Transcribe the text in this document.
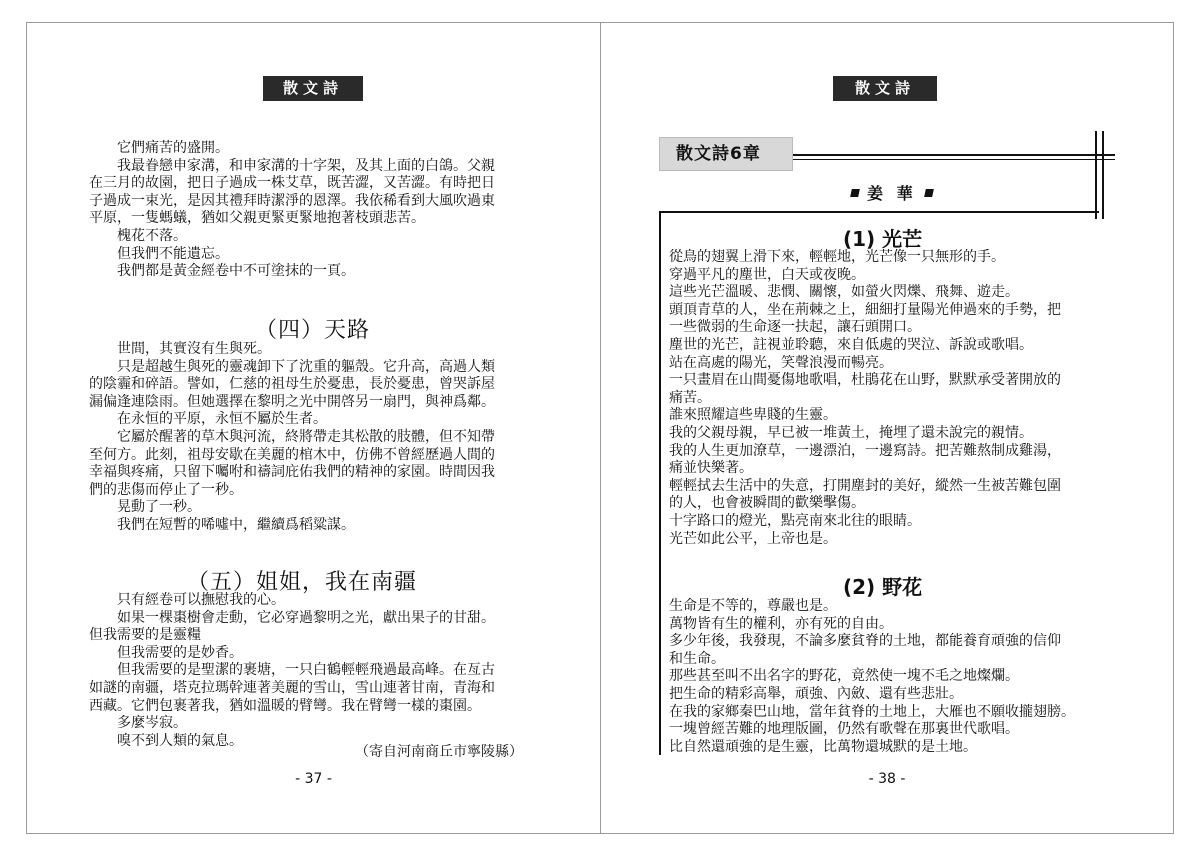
散文詩

它們痛苦的盛開。

我最眷戀申家溝，和申家溝的十字架，及其上面的白鴿。父親

在三月的故園，把日子過成一株艾草，既苦澀，又苦澀。有時把日

子過成一束光，是因其禮拜時潔淨的恩澤。我依稀看到大風吹過東

平原，一隻螞蟻，猶如父親更緊更緊地抱著枝頭悲苦。

槐花不落。

但我們不能遺忘。

我們都是黃金經卷中不可塗抹的一頁。

（四）天路

世間，其實沒有生與死。

只是超越生與死的靈魂卸下了沈重的軀殼。它升高，高過人類

的陰霾和碎語。譬如，仁慈的祖母生於憂患，長於憂患，曾哭訴屋

漏偏逢連陰雨。但她選擇在黎明之光中開啓另一扇門，與神爲鄰。

在永恒的平原，永恒不屬於生者。

它屬於醒著的草木與河流，終將帶走其松散的肢體，但不知帶

至何方。此刻，祖母安歇在美麗的棺木中，仿佛不曾經歷過人間的

幸福與疼痛，只留下囑咐和禱詞庇佑我們的精神的家園。時間因我

們的悲傷而停止了一秒。

晃動了一秒。

我們在短暫的唏噓中，繼續爲稻粱謀。

（五）姐姐，我在南疆

只有經卷可以撫慰我的心。

如果一棵棗樹會走動，它必穿過黎明之光，獻出果子的甘甜。

但我需要的是靈糧

但我需要的是妙香。

但我需要的是聖潔的裹塘，一只白鶴輕輕飛過最高峰。在亙古

如謎的南疆，塔克拉瑪幹連著美麗的雪山，雪山連著甘南，青海和

西藏。它們包裹著我，猶如溫暖的臂彎。我在臂彎一樣的棗園。

多麼岑寂。

嗅不到人類的氣息。

（寄自河南商丘市寧陵縣）
- 37 -
散文詩
散文詩6章
姜 華
(1) 光芒

從鳥的翅翼上滑下來，輕輕地，光芒像一只無形的手。

穿過平凡的塵世，白天或夜晚。

這些光芒溫暖、悲憫、關懷，如螢火閃爍、飛舞、遊走。

頭頂青草的人，坐在荊棘之上，細細打量陽光伸過來的手勢，把

一些微弱的生命逐一扶起，讓石頭開口。

塵世的光芒，註視並聆聽，來自低處的哭泣、訴說或歌唱。

站在高處的陽光，笑聲浪漫而暢亮。

一只畫眉在山間憂傷地歌唱，杜鵑花在山野，默默承受著開放的

痛苦。

誰來照耀這些卑賤的生靈。

我的父親母親，早已被一堆黃土，掩埋了還未說完的親情。

我的人生更加潦草，一邊漂泊，一邊寫詩。把苦難熬制成雞湯，

痛並快樂著。

輕輕拭去生活中的失意，打開塵封的美好，縱然一生被苦難包圍

的人，也會被瞬間的歡樂擊傷。

十字路口的燈光，點亮南來北往的眼睛。

光芒如此公平，上帝也是。

(2) 野花

生命是不等的，尊嚴也是。

萬物皆有生的權利，亦有死的自由。

多少年後，我發現，不論多麼貧脊的土地，都能養育頑強的信仰

和生命。

那些甚至叫不出名字的野花，竟然使一塊不毛之地燦爛。

把生命的精彩高舉，頑強、內斂、還有些悲壯。

在我的家鄉秦巴山地，當年貧脊的土地上，大雁也不願收攏翅膀。

一塊曾經苦難的地理版圖，仍然有歌聲在那裏世代歌唱。

比自然還頑強的是生靈，比萬物還城默的是土地。

- 38 -
